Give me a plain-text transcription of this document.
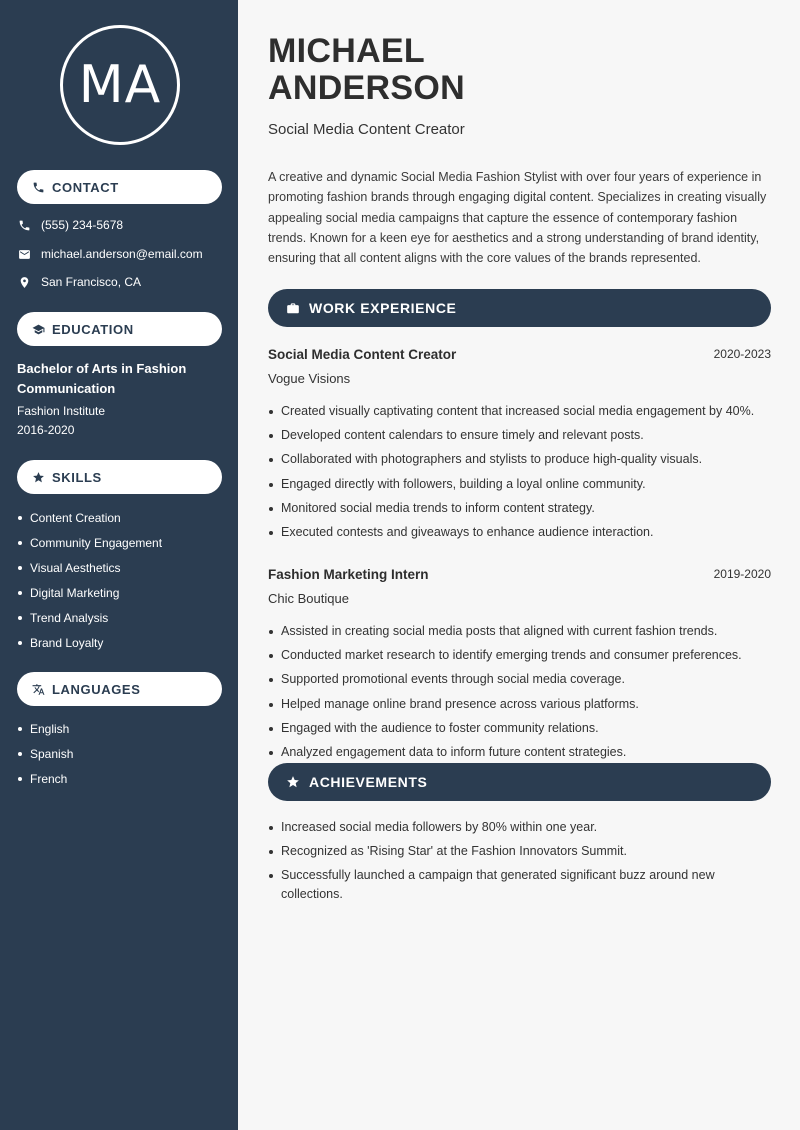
MA
CONTACT
(555) 234-5678
michael.anderson@email.com
San Francisco, CA
EDUCATION
Bachelor of Arts in Fashion Communication
Fashion Institute
2016-2020
SKILLS
Content Creation
Community Engagement
Visual Aesthetics
Digital Marketing
Trend Analysis
Brand Loyalty
LANGUAGES
English
Spanish
French
MICHAEL
ANDERSON
Social Media Content Creator
A creative and dynamic Social Media Fashion Stylist with over four years of experience in promoting fashion brands through engaging digital content. Specializes in creating visually appealing social media campaigns that capture the essence of contemporary fashion trends. Known for a keen eye for aesthetics and a strong understanding of brand identity, ensuring that all content aligns with the core values of the brands represented.
WORK EXPERIENCE
Social Media Content Creator	2020-2023
Vogue Visions
Created visually captivating content that increased social media engagement by 40%.
Developed content calendars to ensure timely and relevant posts.
Collaborated with photographers and stylists to produce high-quality visuals.
Engaged directly with followers, building a loyal online community.
Monitored social media trends to inform content strategy.
Executed contests and giveaways to enhance audience interaction.
Fashion Marketing Intern	2019-2020
Chic Boutique
Assisted in creating social media posts that aligned with current fashion trends.
Conducted market research to identify emerging trends and consumer preferences.
Supported promotional events through social media coverage.
Helped manage online brand presence across various platforms.
Engaged with the audience to foster community relations.
Analyzed engagement data to inform future content strategies.
ACHIEVEMENTS
Increased social media followers by 80% within one year.
Recognized as 'Rising Star' at the Fashion Innovators Summit.
Successfully launched a campaign that generated significant buzz around new collections.
